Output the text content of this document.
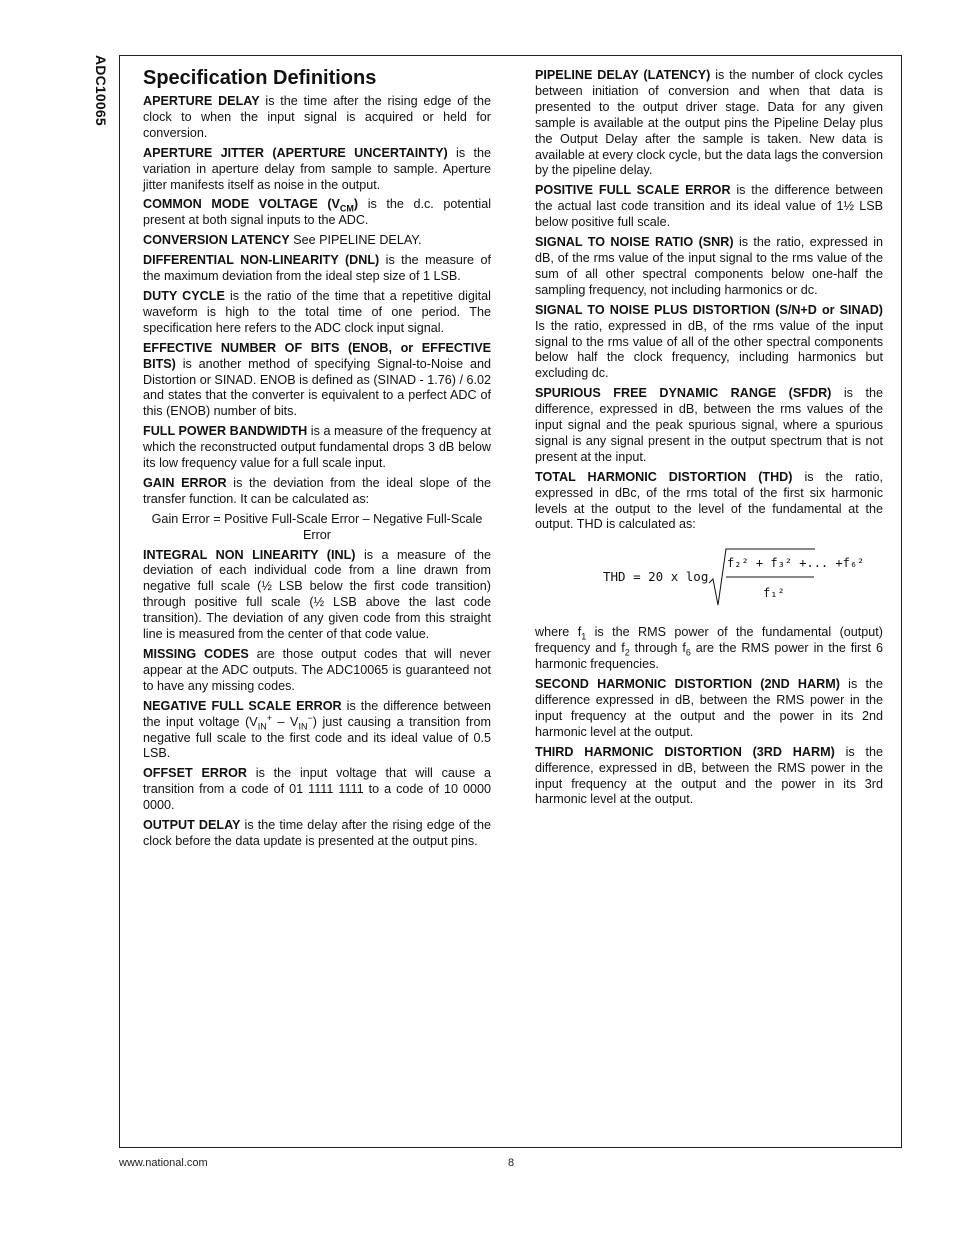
ADC10065 Specification Definitions

APERTURE DELAY is the time after the rising edge of the clock to when the input signal is acquired or held for conversion.

APERTURE JITTER (APERTURE UNCERTAINTY) is the variation in aperture delay from sample to sample. Aperture jitter manifests itself as noise in the output.

COMMON MODE VOLTAGE $(V_{CM})$ is the d.c. potential present at both signal inputs to the ADC.

CONVERSION LATENCY See PIPELINE DELAY.

DIFFERENTIAL NON-LINEARITY (DNL) is the measure of the maximum deviation from the ideal step size of 1 LSB.

DUTY CYCLE is the ratio of the time that a repetitive digital waveform is high to the total time of one period. The specification here refers to the ADC clock input signal.

EFFECTIVE NUMBER OF BITS (ENOB, or EFFECTIVE BITS) is another method of specifying Signal-to-Noise and Distortion or SINAD. ENOB is defined as (SINAD - 1.76) / 6.02 and states that the converter is equivalent to a perfect ADC of this (ENOB) number of bits.

FULL POWER BANDWIDTH is a measure of the frequency at which the reconstructed output fundamental drops 3 dB below its low frequency value for a full scale input.

GAIN ERROR is the deviation from the ideal slope of the transfer function. It can be calculated as:

Gain Error = Positive Full-Scale Error – Negative Full-Scale Error

INTEGRAL NON LINEARITY (INL) is a measure of the deviation of each individual code from a line drawn from negative full scale (½ LSB below the first code transition) through positive full scale (½ LSB above the last code transition). The deviation of any given code from this straight line is measured from the center of that code value.

MISSING CODES are those output codes that will never appear at the ADC outputs. The ADC10065 is guaranteed not to have any missing codes.

NEGATIVE FULL SCALE ERROR is the difference between the input voltage $(V_{IN}^+ - V_{IN}^-)$ just causing a transition from negative full scale to the first code and its ideal value of 0.5 LSB.

OFFSET ERROR is the input voltage that will cause a transition from a code of 01 1111 1111 to a code of 10 0000 0000.

OUTPUT DELAY is the time delay after the rising edge of the clock before the data update is presented at the output pins.

PIPELINE DELAY (LATENCY) is the number of clock cycles between initiation of conversion and when that data is presented to the output driver stage. Data for any given sample is available at the output pins the Pipeline Delay plus the Output Delay after the sample is taken. New data is available at every clock cycle, but the data lags the conversion by the pipeline delay.

POSITIVE FULL SCALE ERROR is the difference between the actual last code transition and its ideal value of 1½ LSB below positive full scale.

SIGNAL TO NOISE RATIO (SNR) is the ratio, expressed in dB, of the rms value of the input signal to the rms value of the sum of all other spectral components below one-half the sampling frequency, not including harmonics or dc.

SIGNAL TO NOISE PLUS DISTORTION (S/N+D or SINAD) Is the ratio, expressed in dB, of the rms value of the input signal to the rms value of all of the other spectral components below half the clock frequency, including harmonics but excluding dc.

SPURIOUS FREE DYNAMIC RANGE (SFDR) is the difference, expressed in dB, between the rms values of the input signal and the peak spurious signal, where a spurious signal is any signal present in the output spectrum that is not present at the input.

TOTAL HARMONIC DISTORTION (THD) is the ratio, expressed in dBc, of the rms total of the first six harmonic levels at the output to the level of the fundamental at the output. THD is calculated as:

THD = 20 x log
f₂² + f₃² +... +f₆²
f₁²

where $f_1$ is the RMS power of the fundamental (output) frequency and $f_2$ through $f_6$ are the RMS power in the first 6 harmonic frequencies.

SECOND HARMONIC DISTORTION (2ND HARM) is the difference expressed in dB, between the RMS power in the input frequency at the output and the power in its 2nd harmonic level at the output.

THIRD HARMONIC DISTORTION (3RD HARM) is the difference, expressed in dB, between the RMS power in the input frequency at the output and the power in its 3rd harmonic level at the output.

www.national.com	8
